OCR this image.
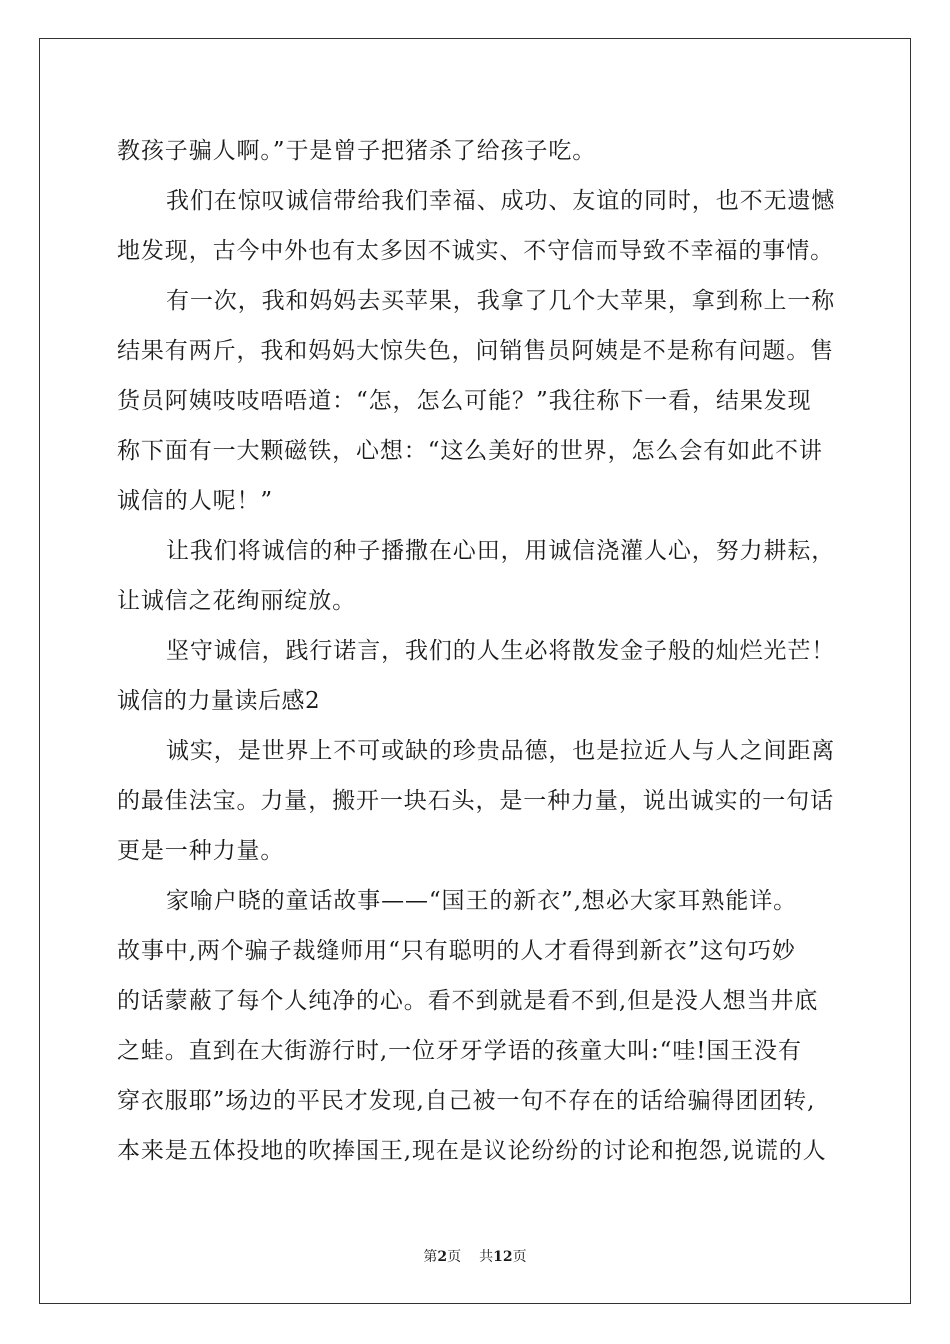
教孩子骗人啊。”于是曾子把猪杀了给孩子吃。
我们在惊叹诚信带给我们幸福、成功、友谊的同时，也不无遗憾
地发现，古今中外也有太多因不诚实、不守信而导致不幸福的事情。
有一次，我和妈妈去买苹果，我拿了几个大苹果，拿到称上一称
结果有两斤，我和妈妈大惊失色，问销售员阿姨是不是称有问题。售
货员阿姨吱吱唔唔道：“怎，怎么可能？”我往称下一看，结果发现
称下面有一大颗磁铁，心想：“这么美好的世界，怎么会有如此不讲
诚信的人呢！”
让我们将诚信的种子播撒在心田，用诚信浇灌人心，努力耕耘，
让诚信之花绚丽绽放。
坚守诚信，践行诺言，我们的人生必将散发金子般的灿烂光芒！
诚信的力量读后感2
诚实，是世界上不可或缺的珍贵品德，也是拉近人与人之间距离
的最佳法宝。力量，搬开一块石头，是一种力量，说出诚实的一句话
更是一种力量。
家喻户晓的童话故事——“国王的新衣”,想必大家耳熟能详。
故事中,两个骗子裁缝师用“只有聪明的人才看得到新衣”这句巧妙
的话蒙蔽了每个人纯净的心。看不到就是看不到,但是没人想当井底
之蛙。直到在大街游行时,一位牙牙学语的孩童大叫:“哇!国王没有
穿衣服耶”场边的平民才发现,自己被一句不存在的话给骗得团团转,
本来是五体投地的吹捧国王,现在是议论纷纷的讨论和抱怨,说谎的人
第2页 共12页
